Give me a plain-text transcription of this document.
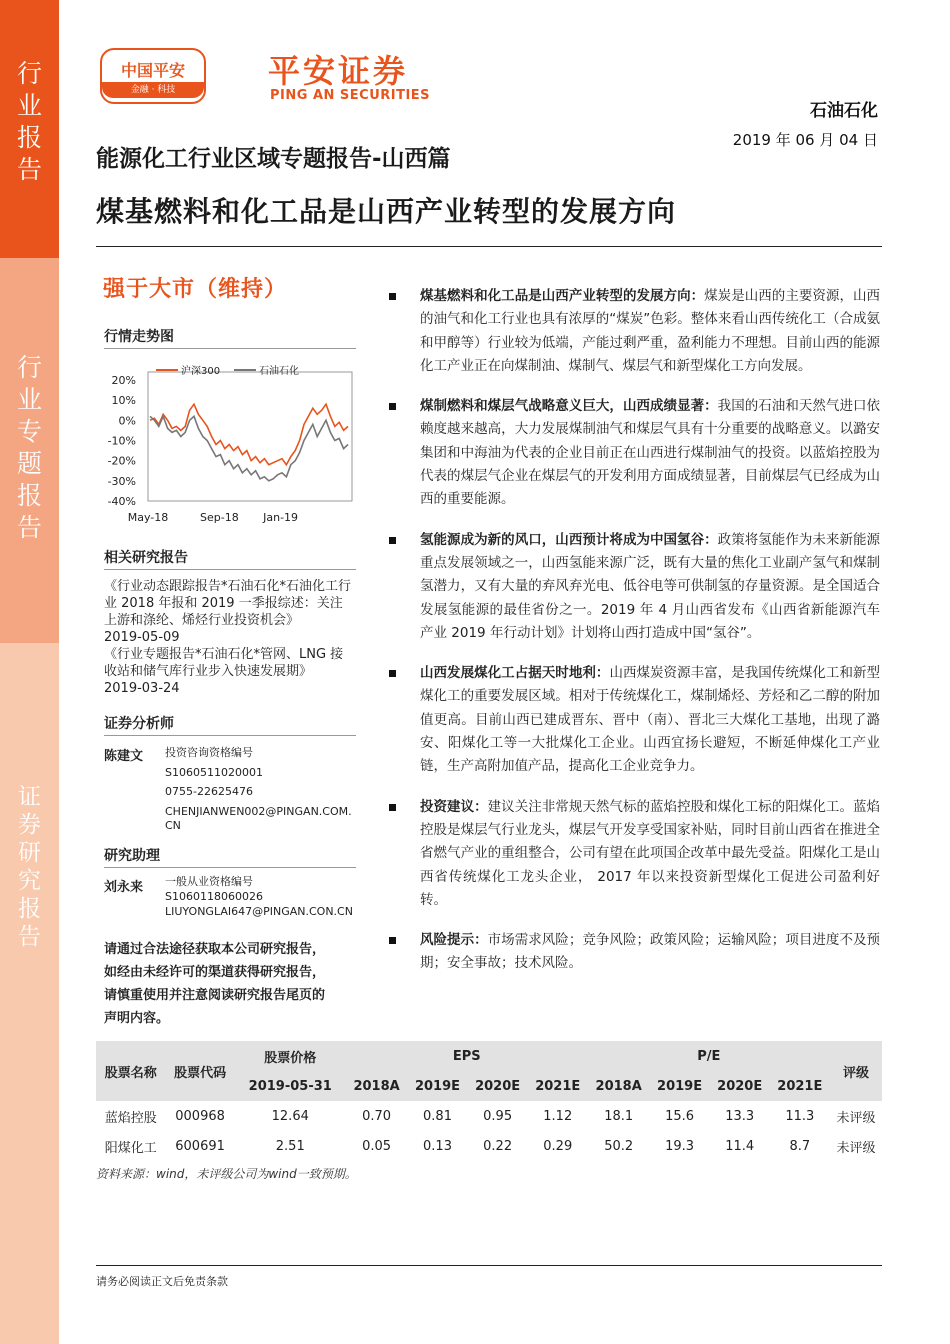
行业报告
行业专题报告
证券研究报告
中国平安
金融 · 科技	平安证券
PING AN SECURITIES
石油石化
2019 年 06 月 04 日
能源化工行业区域专题报告-山西篇
煤基燃料和化工品是山西产业转型的发展方向
强于大市（维持）
行情走势图
20%
10%
0%
-10%
-20%
-30%
-40%
May-18	Sep-18 Jan-19
沪深300	石油石化
相关研究报告
《行业动态跟踪报告*石油石化*石油化工行业 2018 年报和 2019 一季报综述：关注上游和涤纶、烯烃行业投资机会》
2019-05-09
《行业专题报告*石油石化*管网、LNG 接收站和储气库行业步入快速发展期》
2019-03-24
证券分析师
陈建文 投资咨询资格编号
S1060511020001
0755-22625476
CHENJIANWEN002@PINGAN.COM.
CN
研究助理
刘永来 一般从业资格编号
S1060118060026
LIUYONGLAI647@PINGAN.CON.CN
请通过合法途径获取本公司研究报告，如经由未经许可的渠道获得研究报告，请慎重使用并注意阅读研究报告尾页的声明内容。
煤基燃料和化工品是山西产业转型的发展方向：煤炭是山西的主要资源，山西的油气和化工行业也具有浓厚的“煤炭”色彩。整体来看山西传统化工（合成氨和甲醇等）行业较为低端，产能过剩严重，盈利能力不理想。目前山西的能源化工产业正在向煤制油、煤制气、煤层气和新型煤化工方向发展。
煤制燃料和煤层气战略意义巨大，山西成绩显著：我国的石油和天然气进口依赖度越来越高，大力发展煤制油气和煤层气具有十分重要的战略意义。以潞安集团和中海油为代表的企业目前正在山西进行煤制油气的投资。以蓝焰控股为代表的煤层气企业在煤层气的开发利用方面成绩显著，目前煤层气已经成为山西的重要能源。
氢能源成为新的风口，山西预计将成为中国氢谷：政策将氢能作为未来新能源重点发展领域之一，山西氢能来源广泛，既有大量的焦化工业副产氢气和煤制氢潜力，又有大量的弃风弃光电、低谷电等可供制氢的存量资源。是全国适合发展氢能源的最佳省份之一。2019 年 4 月山西省发布《山西省新能源汽车产业 2019 年行动计划》计划将山西打造成中国“氢谷”。
山西发展煤化工占据天时地利：山西煤炭资源丰富，是我国传统煤化工和新型煤化工的重要发展区域。相对于传统煤化工，煤制烯烃、芳烃和乙二醇的附加值更高。目前山西已建成晋东、晋中（南）、晋北三大煤化工基地，出现了潞安、阳煤化工等一大批煤化工企业。山西宜扬长避短，不断延伸煤化工产业链，生产高附加值产品，提高化工企业竞争力。
投资建议：建议关注非常规天然气标的蓝焰控股和煤化工标的阳煤化工。蓝焰控股是煤层气行业龙头，煤层气开发享受国家补贴，同时目前山西省在推进全省燃气产业的重组整合，公司有望在此项国企改革中最先受益。阳煤化工是山西省传统煤化工龙头企业， 2017 年以来投资新型煤化工促进公司盈利好转。
风险提示：市场需求风险；竞争风险；政策风险；运输风险；项目进度不及预期；安全事故；技术风险。
股票名称	股票代码	股票价格	EPS				P/E				评级
		2019-05-31	2018A	2019E	2020E	2021E	2018A	2019E	2020E	2021E	
蓝焰控股	000968	12.64	0.70	0.81	0.95	1.12	18.1	15.6	13.3	11.3	未评级
阳煤化工	600691	2.51	0.05	0.13	0.22	0.29	50.2	19.3	11.4	8.7	未评级
资料来源：wind，未评级公司为wind一致预期。
请务必阅读正文后免责条款
